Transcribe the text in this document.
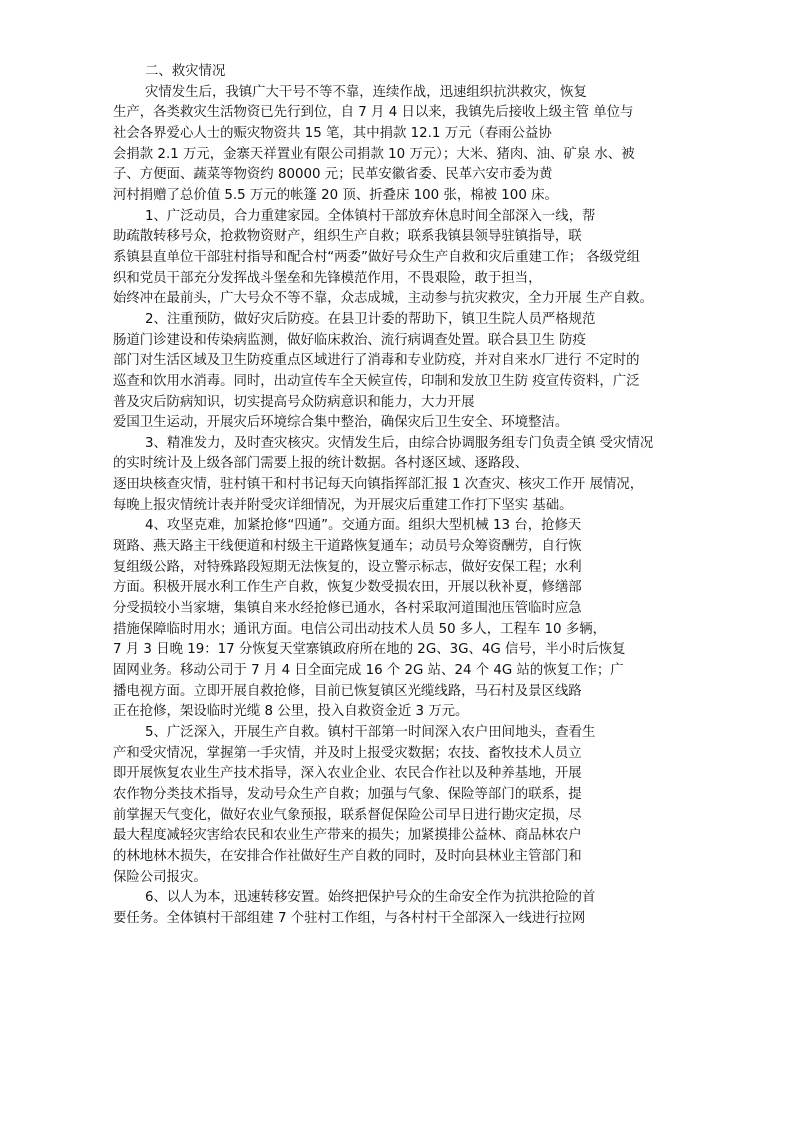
二、救灾情况
灾情发生后，我镇广大干号不等不靠，连续作战，迅速组织抗洪救灾，恢复
生产，各类救灾生活物资已先行到位，自 7 月 4 日以来，我镇先后接收上级主管 单位与
社会各界爱心人士的赈灾物资共 15 笔，其中捐款 12.1 万元（春雨公益协
会捐款 2.1 万元，金寨天祥置业有限公司捐款 10 万元）；大米、猪肉、油、矿泉 水、被
子、方便面、蔬菜等物资约 80000 元；民革安徽省委、民革六安市委为黄
河村捐赠了总价值 5.5 万元的帐篷 20 顶、折叠床 100 张，棉被 100 床。
1、广泛动员，合力重建家园。全体镇村干部放弃休息时间全部深入一线，帮
助疏散转移号众，抢救物资财产，组织生产自救；联系我镇县领导驻镇指导，联
系镇县直单位干部驻村指导和配合村“两委”做好号众生产自救和灾后重建工作； 各级党组
织和党员干部充分发挥战斗堡垒和先锋模范作用，不畏艰险，敢于担当，
始终冲在最前头，广大号众不等不靠，众志成城，主动参与抗灾救灾，全力开展 生产自救。
2、注重预防，做好灾后防疫。在县卫计委的帮助下，镇卫生院人员严格规范
肠道门诊建设和传染病监测，做好临床救治、流行病调查处置。联合县卫生 防疫
部门对生活区域及卫生防疫重点区域进行了消毒和专业防疫，并对自来水厂进行 不定时的
巡查和饮用水消毒。同时，出动宣传车全天候宣传，印制和发放卫生防 疫宣传资料，广泛
普及灾后防病知识，切实提高号众防病意识和能力，大力开展
爱国卫生运动，开展灾后环境综合集中整治，确保灾后卫生安全、环境整洁。
3、精准发力，及时查灾核灾。灾情发生后，由综合协调服务组专门负责全镇 受灾情况
的实时统计及上级各部门需要上报的统计数据。各村逐区域、逐路段、
逐田块核查灾情，驻村镇干和村书记每天向镇指挥部汇报 1 次查灾、核灾工作开 展情况，
每晚上报灾情统计表并附受灾详细情况，为开展灾后重建工作打下坚实 基础。
4、攻坚克难，加紧抢修“四通”。交通方面。组织大型机械 13 台，抢修天
斑路、燕天路主干线便道和村级主干道路恢复通车；动员号众筹资酬劳，自行恢
复组级公路，对特殊路段短期无法恢复的，设立警示标志，做好安保工程；水利
方面。积极开展水利工作生产自救，恢复少数受损农田，开展以秋补夏，修缮部
分受损较小当家塘，集镇自来水经抢修已通水，各村采取河道围池压管临时应急
措施保障临时用水；通讯方面。电信公司出动技术人员 50 多人，工程车 10 多辆，
7 月 3 日晚 19：17 分恢复天堂寨镇政府所在地的 2G、3G、4G 信号，半小时后恢复
固网业务。移动公司于 7 月 4 日全面完成 16 个 2G 站、24 个 4G 站的恢复工作；广
播电视方面。立即开展自救抢修，目前已恢复镇区光缆线路，马石村及景区线路
正在抢修，架设临时光缆 8 公里，投入自救资金近 3 万元。
5、广泛深入，开展生产自救。镇村干部第一时间深入农户田间地头，查看生
产和受灾情况，掌握第一手灾情，并及时上报受灾数据；农技、畜牧技术人员立
即开展恢复农业生产技术指导，深入农业企业、农民合作社以及种养基地，开展
农作物分类技术指导，发动号众生产自救；加强与气象、保险等部门的联系，提
前掌握天气变化，做好农业气象预报，联系督促保险公司早日进行勘灾定损，尽
最大程度减轻灾害给农民和农业生产带来的损失；加紧摸排公益林、商品林农户
的林地林木损失，在安排合作社做好生产自救的同时，及时向县林业主管部门和
保险公司报灾。
6、以人为本，迅速转移安置。始终把保护号众的生命安全作为抗洪抢险的首
要任务。全体镇村干部组建 7 个驻村工作组，与各村村干全部深入一线进行拉网
